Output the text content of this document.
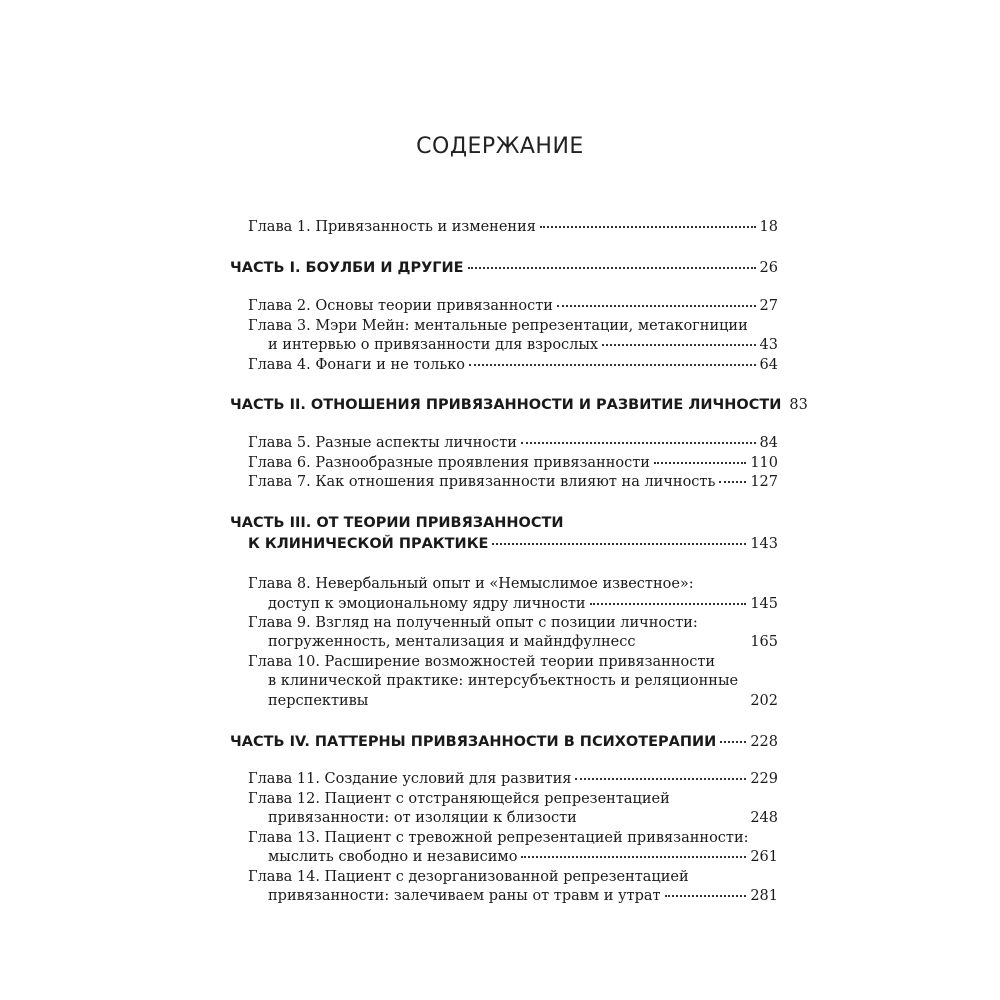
СОДЕРЖАНИЕ
Глава 1. Привязанность и изменения	18
ЧАСТЬ I. БОУЛБИ И ДРУГИЕ	26
Глава 2. Основы теории привязанности	27
Глава 3. Мэри Мейн: ментальные репрезентации, метакогниции
и интервью о привязанности для взрослых	43
Глава 4. Фонаги и не только	64
ЧАСТЬ II. ОТНОШЕНИЯ ПРИВЯЗАННОСТИ И РАЗВИТИЕ ЛИЧНОСТИ 83
Глава 5. Разные аспекты личности	84
Глава 6. Разнообразные проявления привязанности	110
Глава 7. Как отношения привязанности влияют на личность 127
ЧАСТЬ III. ОТ ТЕОРИИ ПРИВЯЗАННОСТИ
К КЛИНИЧЕСКОЙ ПРАКТИКЕ	143
Глава 8. Невербальный опыт и «Немыслимое известное»:
доступ к эмоциональному ядру личности	145
Глава 9. Взгляд на полученный опыт с позиции личности:
погруженность, ментализация и майндфулнесс	165
Глава 10. Расширение возможностей теории привязанности
в клинической практике: интерсубъектность и реляционные
перспективы	202
ЧАСТЬ IV. ПАТТЕРНЫ ПРИВЯЗАННОСТИ В ПСИХОТЕРАПИИ 228
Глава 11. Создание условий для развития	229
Глава 12. Пациент с отстраняющейся репрезентацией
привязанности: от изоляции к близости	248
Глава 13. Пациент с тревожной репрезентацией привязанности:
мыслить свободно и независимо	261
Глава 14. Пациент с дезорганизованной репрезентацией
привязанности: залечиваем раны от травм и утрат	281
